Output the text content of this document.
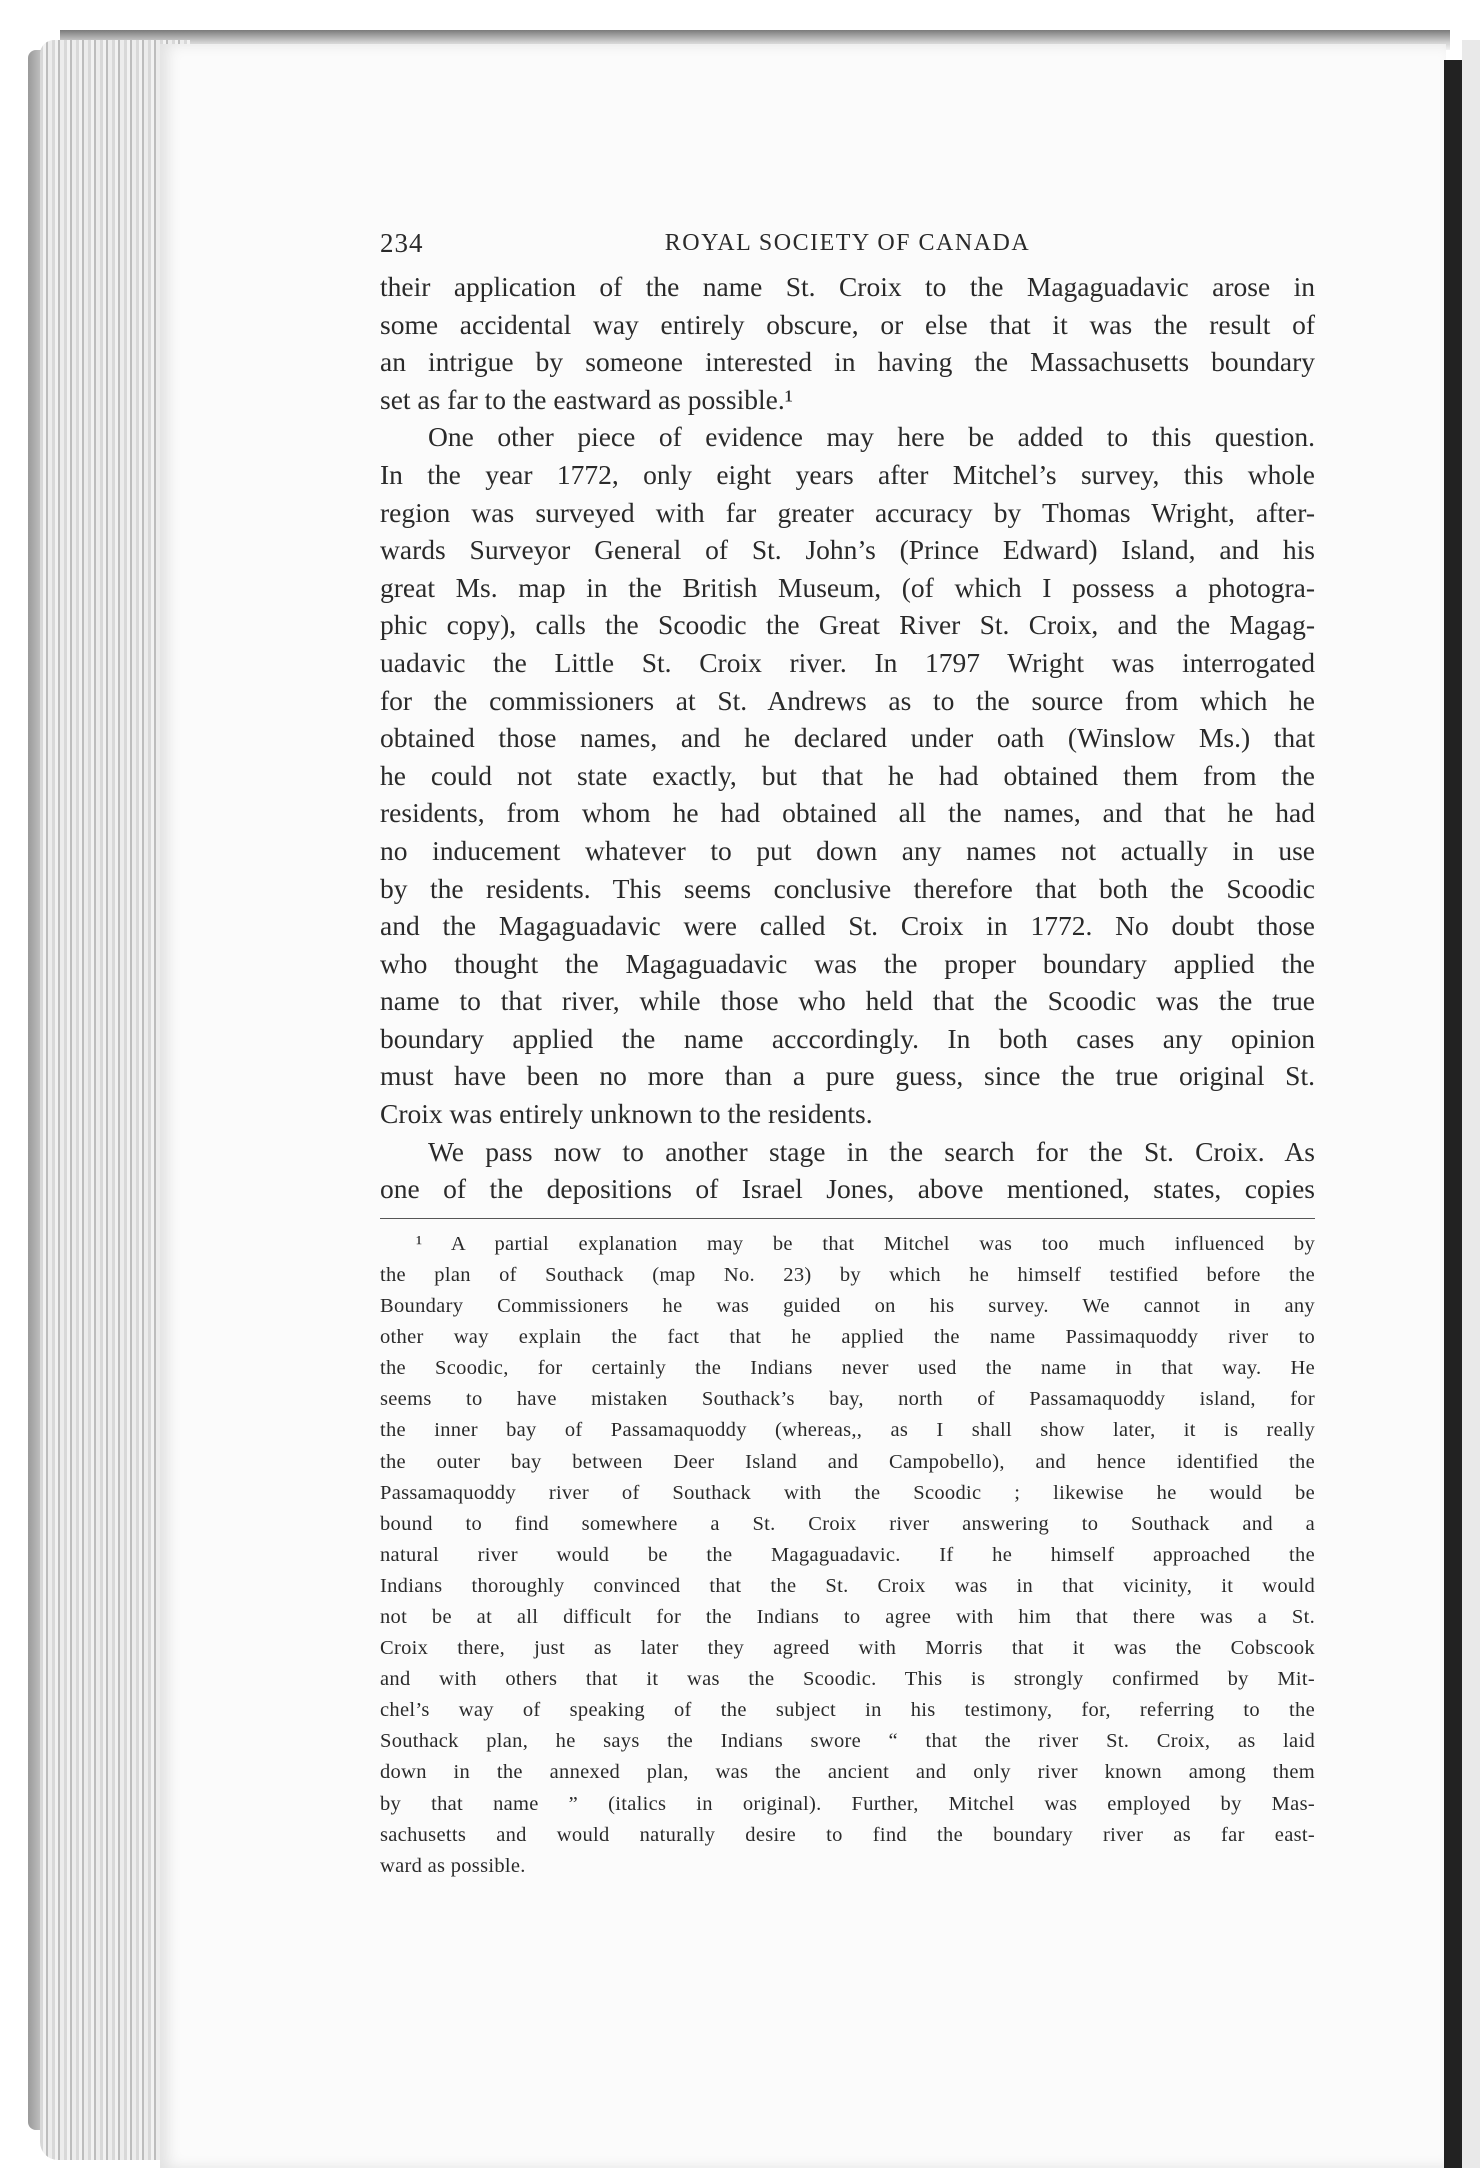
234	ROYAL SOCIETY OF CANADA
their application of the name St. Croix to the Magaguadavic arose in
some accidental way entirely obscure, or else that it was the result of
an intrigue by someone interested in having the Massachusetts boundary
set as far to the eastward as possible.¹
One other piece of evidence may here be added to this question.
In the year 1772, only eight years after Mitchel’s survey, this whole
region was surveyed with far greater accuracy by Thomas Wright, after-
wards Surveyor General of St. John’s (Prince Edward) Island, and his
great Ms. map in the British Museum, (of which I possess a photogra-
phic copy), calls the Scoodic the Great River St. Croix, and the Magag-
uadavic the Little St. Croix river. In 1797 Wright was interrogated
for the commissioners at St. Andrews as to the source from which he
obtained those names, and he declared under oath (Winslow Ms.) that
he could not state exactly, but that he had obtained them from the
residents, from whom he had obtained all the names, and that he had
no inducement whatever to put down any names not actually in use
by the residents. This seems conclusive therefore that both the Scoodic
and the Magaguadavic were called St. Croix in 1772. No doubt those
who thought the Magaguadavic was the proper boundary applied the
name to that river, while those who held that the Scoodic was the true
boundary applied the name acccordingly. In both cases any opinion
must have been no more than a pure guess, since the true original St.
Croix was entirely unknown to the residents.
We pass now to another stage in the search for the St. Croix. As
one of the depositions of Israel Jones, above mentioned, states, copies
¹ A partial explanation may be that Mitchel was too much influenced by
the plan of Southack (map No. 23) by which he himself testified before the
Boundary Commissioners he was guided on his survey. We cannot in any
other way explain the fact that he applied the name Passimaquoddy river to
the Scoodic, for certainly the Indians never used the name in that way. He
seems to have mistaken Southack’s bay, north of Passamaquoddy island, for
the inner bay of Passamaquoddy (whereas,, as I shall show later, it is really
the outer bay between Deer Island and Campobello), and hence identified the
Passamaquoddy river of Southack with the Scoodic ; likewise he would be
bound to find somewhere a St. Croix river answering to Southack and a
natural river would be the Magaguadavic. If he himself approached the
Indians thoroughly convinced that the St. Croix was in that vicinity, it would
not be at all difficult for the Indians to agree with him that there was a St.
Croix there, just as later they agreed with Morris that it was the Cobscook
and with others that it was the Scoodic. This is strongly confirmed by Mit-
chel’s way of speaking of the subject in his testimony, for, referring to the
Southack plan, he says the Indians swore “ that the river St. Croix, as laid
down in the annexed plan, was the ancient and only river known among them
by that name ” (italics in original). Further, Mitchel was employed by Mas-
sachusetts and would naturally desire to find the boundary river as far east-
ward as possible.
